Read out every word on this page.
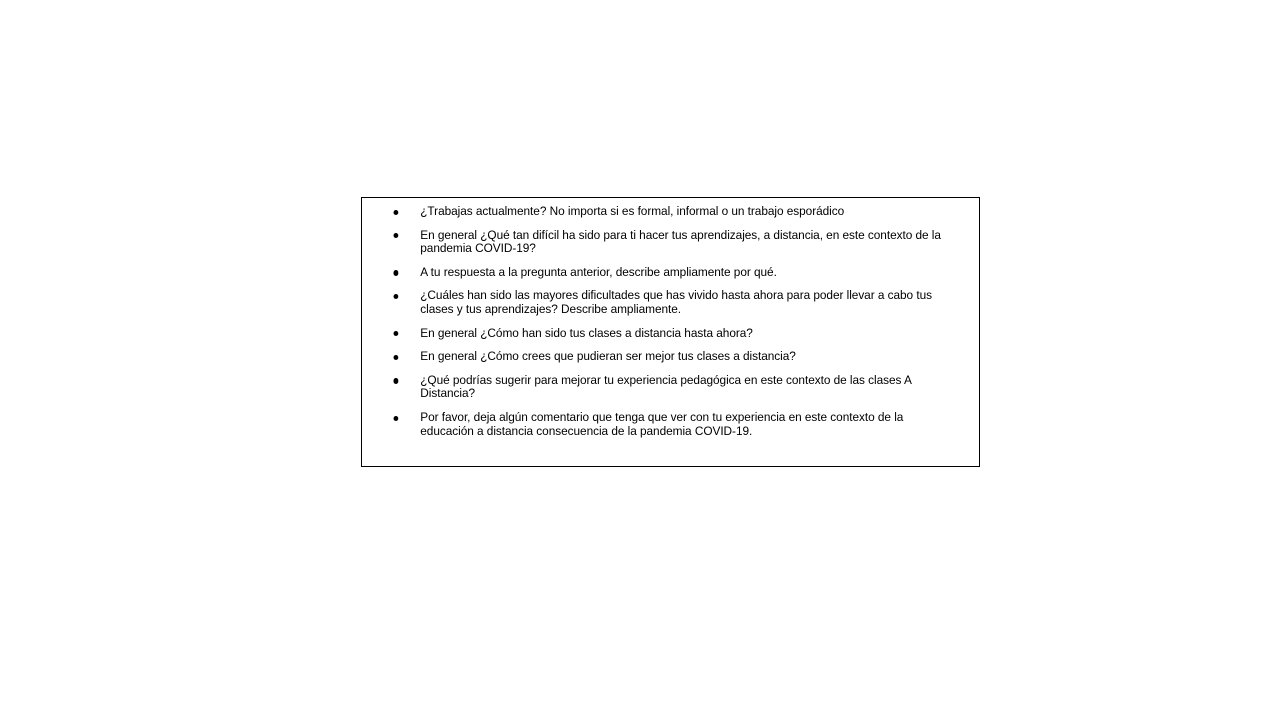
¿Trabajas actualmente? No importa si es formal, informal o un trabajo esporádico
En general ¿Qué tan difícil ha sido para ti hacer tus aprendizajes, a distancia, en este contexto de la pandemia COVID-19?
A tu respuesta a la pregunta anterior, describe ampliamente por qué.
¿Cuáles han sido las mayores dificultades que has vivido hasta ahora para poder llevar a cabo tus clases y tus aprendizajes? Describe ampliamente.
En general ¿Cómo han sido tus clases a distancia hasta ahora?
En general ¿Cómo crees que pudieran ser mejor tus clases a distancia?
¿Qué podrías sugerir para mejorar tu experiencia pedagógica en este contexto de las clases A Distancia?
Por favor, deja algún comentario que tenga que ver con tu experiencia en este contexto de la educación a distancia consecuencia de la pandemia COVID-19.
